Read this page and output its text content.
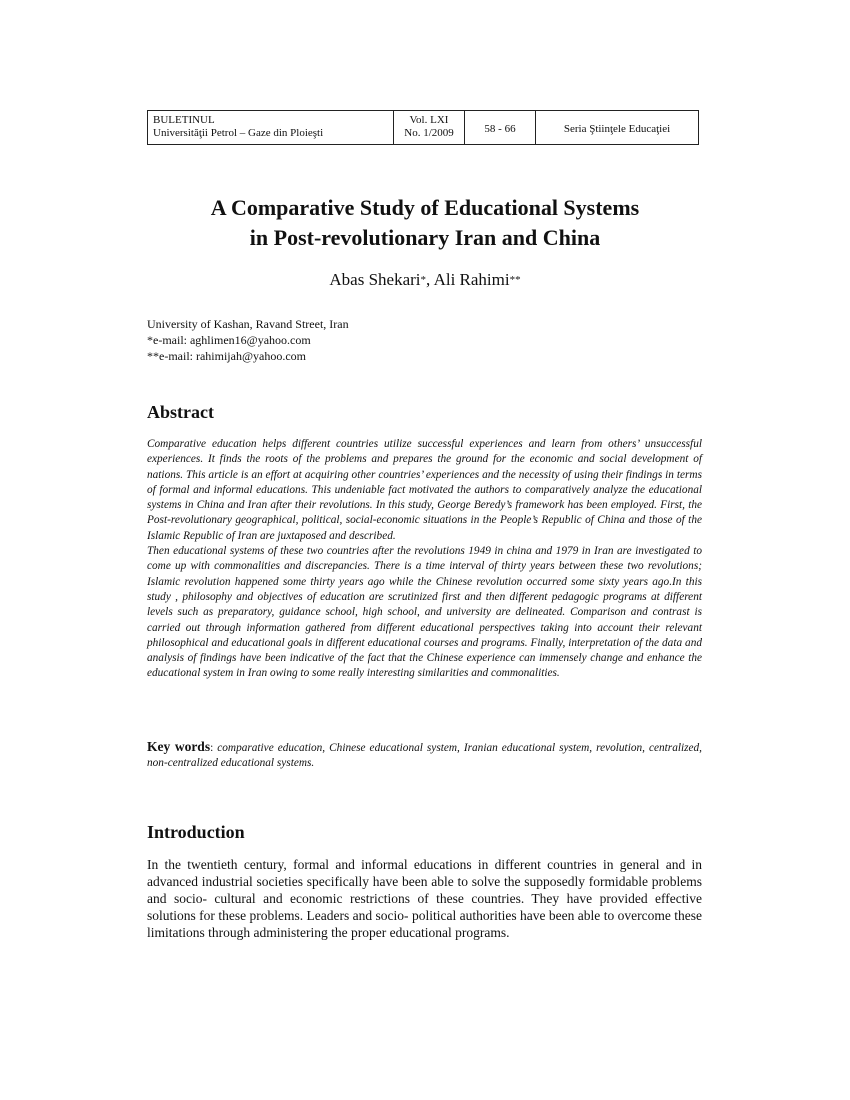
BULETINUL
Universităţii Petrol – Gaze din Ploieşti
Vol. LXI
No. 1/2009	58 - 66	Seria Ştiinţele Educaţiei
A Comparative Study of Educational Systems
in Post-revolutionary Iran and China
Abas Shekari*, Ali Rahimi**
University of Kashan, Ravand Street, Iran
*e-mail: aghlimen16@yahoo.com
**e-mail: rahimijah@yahoo.com
Abstract

Comparative education helps different countries utilize successful experiences and learn from others’ unsuccessful experiences. It finds the roots of the problems and prepares the ground for the economic and social development of nations. This article is an effort at acquiring other countries’ experiences and the necessity of using their findings in terms of formal and informal educations. This undeniable fact motivated the authors to comparatively analyze the educational systems in China and Iran after their revolutions. In this study, George Beredy’s framework has been employed. First, the Post-revolutionary geographical, political, social-economic situations in the People’s Republic of China and those of the Islamic Republic of Iran are juxtaposed and described.

Then educational systems of these two countries after the revolutions 1949 in china and 1979 in Iran are investigated to come up with commonalities and discrepancies. There is a time interval of thirty years between these two revolutions; Islamic revolution happened some thirty years ago while the Chinese revolution occurred some sixty years ago.In this study , philosophy and objectives of education are scrutinized first and then different pedagogic programs at different levels such as preparatory, guidance school, high school, and university are delineated. Comparison and contrast is carried out through information gathered from different educational perspectives taking into account their relevant philosophical and educational goals in different educational courses and programs. Finally, interpretation of the data and analysis of findings have been indicative of the fact that the Chinese experience can immensely change and enhance the educational system in Iran owing to some really interesting similarities and commonalities.

Key words: comparative education, Chinese educational system, Iranian educational system, revolution, centralized, non-centralized educational systems.
Introduction

In the twentieth century, formal and informal educations in different countries in general and in advanced industrial societies specifically have been able to solve the supposedly formidable problems and socio- cultural and economic restrictions of these countries. They have provided effective solutions for these problems. Leaders and socio- political authorities have been able to overcome these limitations through administering the proper educational programs.
